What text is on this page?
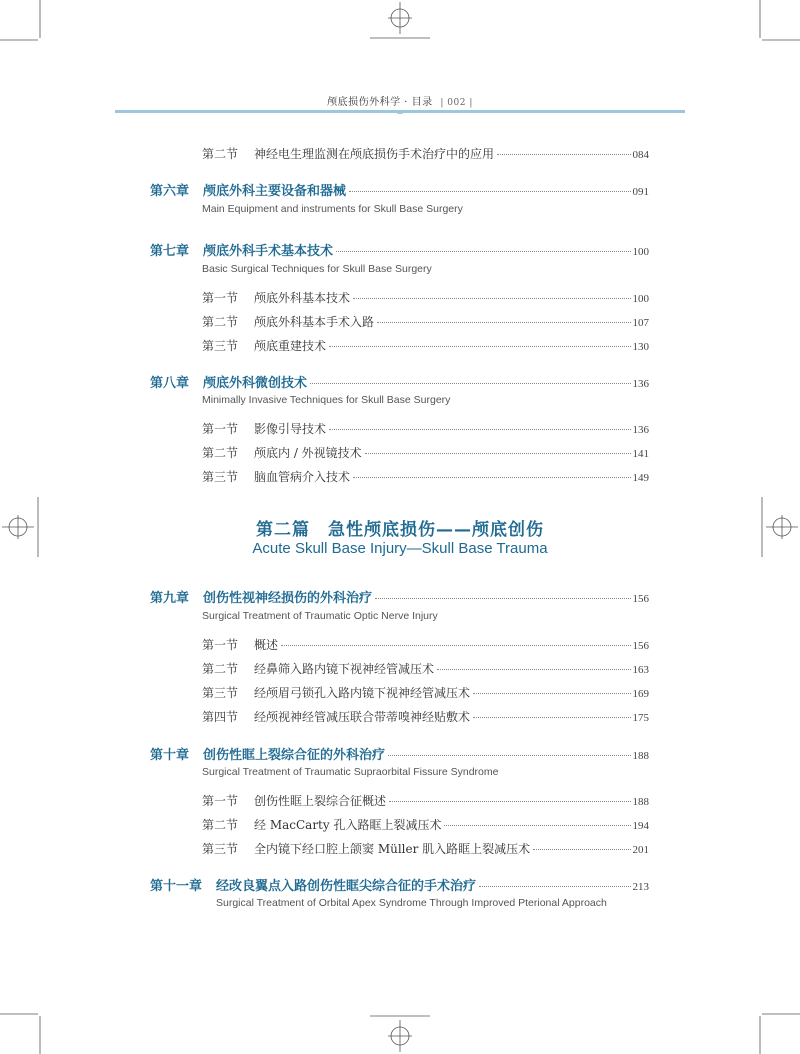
颅底损伤外科学 · 目录 | 002 |
第二节 神经电生理监测在颅底损伤手术治疗中的应用	084
第六章 颅底外科主要设备和器械	091
Main Equipment and instruments for Skull Base Surgery
第七章 颅底外科手术基本技术	100
Basic Surgical Techniques for Skull Base Surgery
第一节 颅底外科基本技术	100
第二节 颅底外科基本手术入路	107
第三节 颅底重建技术	130
第八章 颅底外科微创技术	136
Minimally Invasive Techniques for Skull Base Surgery
第一节 影像引导技术	136
第二节 颅底内 / 外视镜技术	141
第三节 脑血管病介入技术	149
第二篇　急性颅底损伤——颅底创伤
Acute Skull Base Injury—Skull Base Trauma
第九章 创伤性视神经损伤的外科治疗	156
Surgical Treatment of Traumatic Optic Nerve Injury
第一节 概述	156
第二节 经鼻筛入路内镜下视神经管减压术	163
第三节 经颅眉弓锁孔入路内镜下视神经管减压术	169
第四节 经颅视神经管减压联合带蒂嗅神经贴敷术	175
第十章 创伤性眶上裂综合征的外科治疗	188
Surgical Treatment of Traumatic Supraorbital Fissure Syndrome
第一节 创伤性眶上裂综合征概述	188
第二节 经 MacCarty 孔入路眶上裂减压术	194
第三节 全内镜下经口腔上颌窦 Müller 肌入路眶上裂减压术	201
第十一章 经改良翼点入路创伤性眶尖综合征的手术治疗	213
Surgical Treatment of Orbital Apex Syndrome Through Improved Pterional Approach
